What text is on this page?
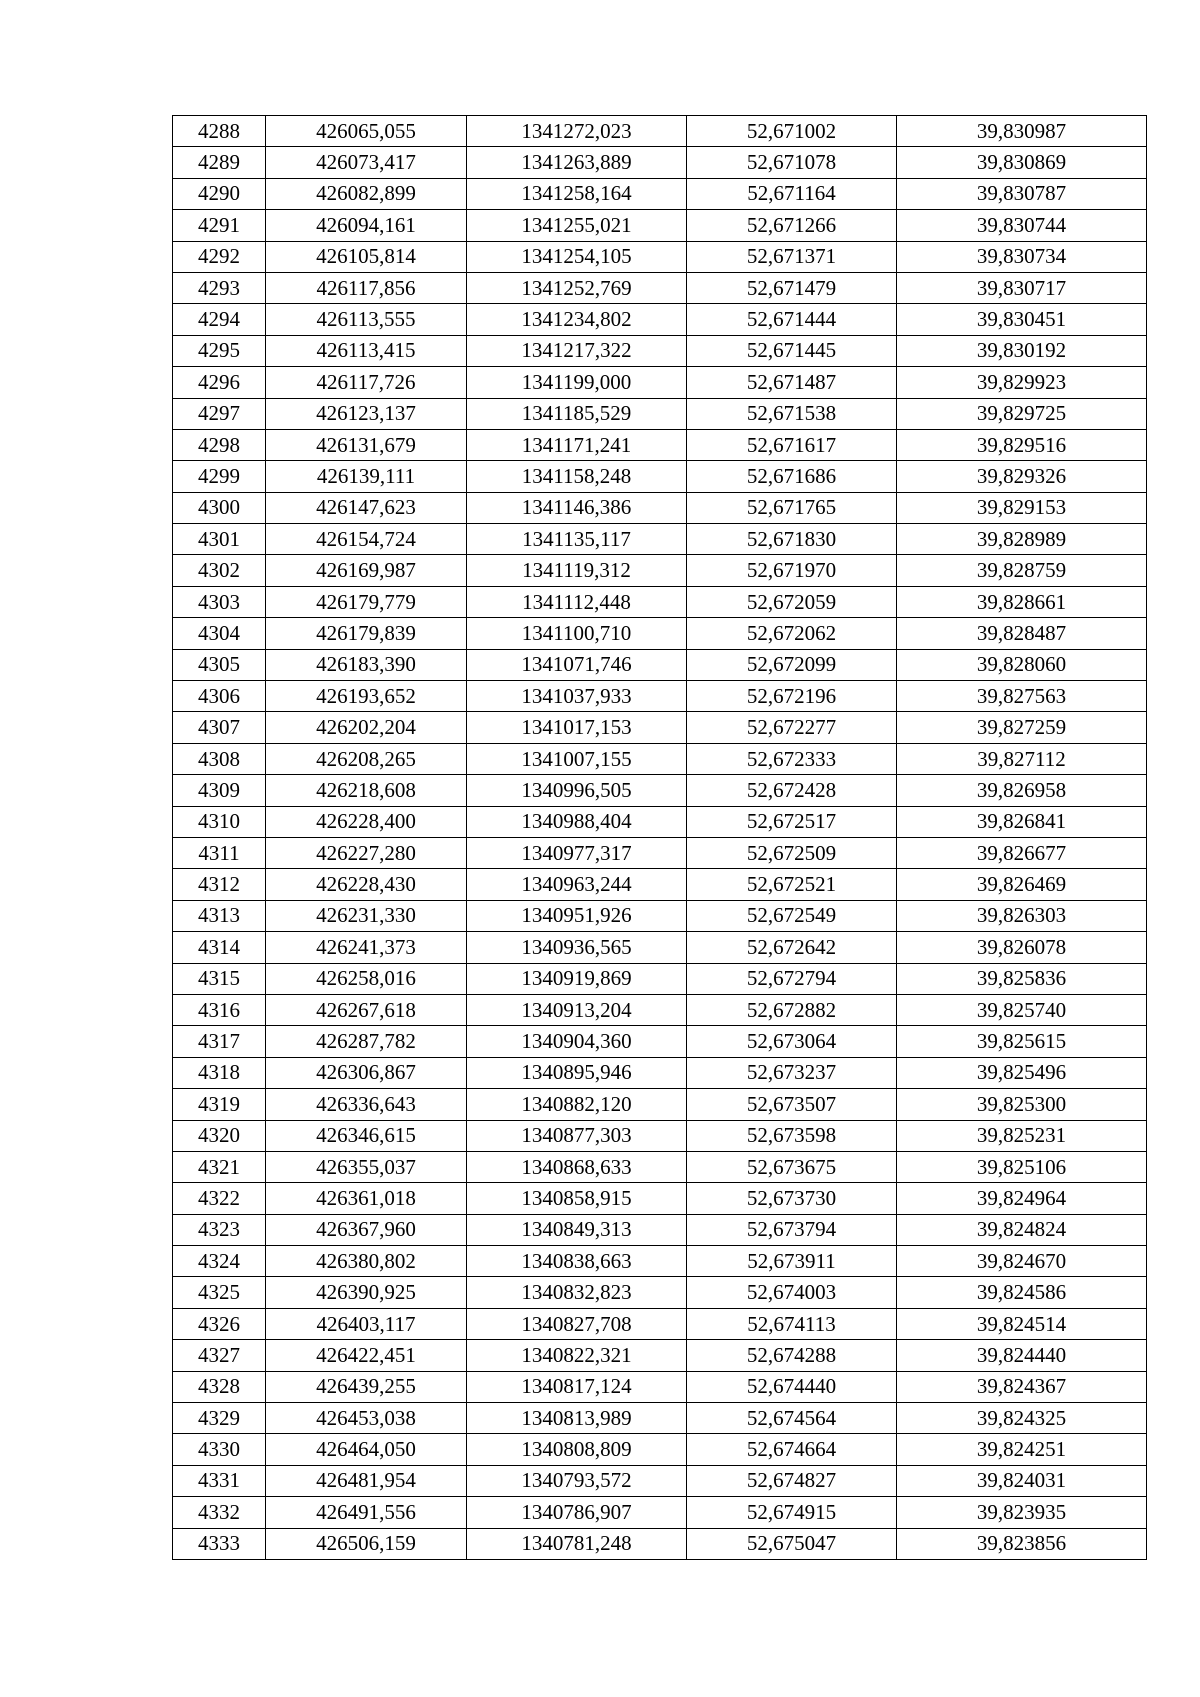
4288	426065,055	1341272,023	52,671002	39,830987
4289	426073,417	1341263,889	52,671078	39,830869
4290	426082,899	1341258,164	52,671164	39,830787
4291	426094,161	1341255,021	52,671266	39,830744
4292	426105,814	1341254,105	52,671371	39,830734
4293	426117,856	1341252,769	52,671479	39,830717
4294	426113,555	1341234,802	52,671444	39,830451
4295	426113,415	1341217,322	52,671445	39,830192
4296	426117,726	1341199,000	52,671487	39,829923
4297	426123,137	1341185,529	52,671538	39,829725
4298	426131,679	1341171,241	52,671617	39,829516
4299	426139,111	1341158,248	52,671686	39,829326
4300	426147,623	1341146,386	52,671765	39,829153
4301	426154,724	1341135,117	52,671830	39,828989
4302	426169,987	1341119,312	52,671970	39,828759
4303	426179,779	1341112,448	52,672059	39,828661
4304	426179,839	1341100,710	52,672062	39,828487
4305	426183,390	1341071,746	52,672099	39,828060
4306	426193,652	1341037,933	52,672196	39,827563
4307	426202,204	1341017,153	52,672277	39,827259
4308	426208,265	1341007,155	52,672333	39,827112
4309	426218,608	1340996,505	52,672428	39,826958
4310	426228,400	1340988,404	52,672517	39,826841
4311	426227,280	1340977,317	52,672509	39,826677
4312	426228,430	1340963,244	52,672521	39,826469
4313	426231,330	1340951,926	52,672549	39,826303
4314	426241,373	1340936,565	52,672642	39,826078
4315	426258,016	1340919,869	52,672794	39,825836
4316	426267,618	1340913,204	52,672882	39,825740
4317	426287,782	1340904,360	52,673064	39,825615
4318	426306,867	1340895,946	52,673237	39,825496
4319	426336,643	1340882,120	52,673507	39,825300
4320	426346,615	1340877,303	52,673598	39,825231
4321	426355,037	1340868,633	52,673675	39,825106
4322	426361,018	1340858,915	52,673730	39,824964
4323	426367,960	1340849,313	52,673794	39,824824
4324	426380,802	1340838,663	52,673911	39,824670
4325	426390,925	1340832,823	52,674003	39,824586
4326	426403,117	1340827,708	52,674113	39,824514
4327	426422,451	1340822,321	52,674288	39,824440
4328	426439,255	1340817,124	52,674440	39,824367
4329	426453,038	1340813,989	52,674564	39,824325
4330	426464,050	1340808,809	52,674664	39,824251
4331	426481,954	1340793,572	52,674827	39,824031
4332	426491,556	1340786,907	52,674915	39,823935
4333	426506,159	1340781,248	52,675047	39,823856
